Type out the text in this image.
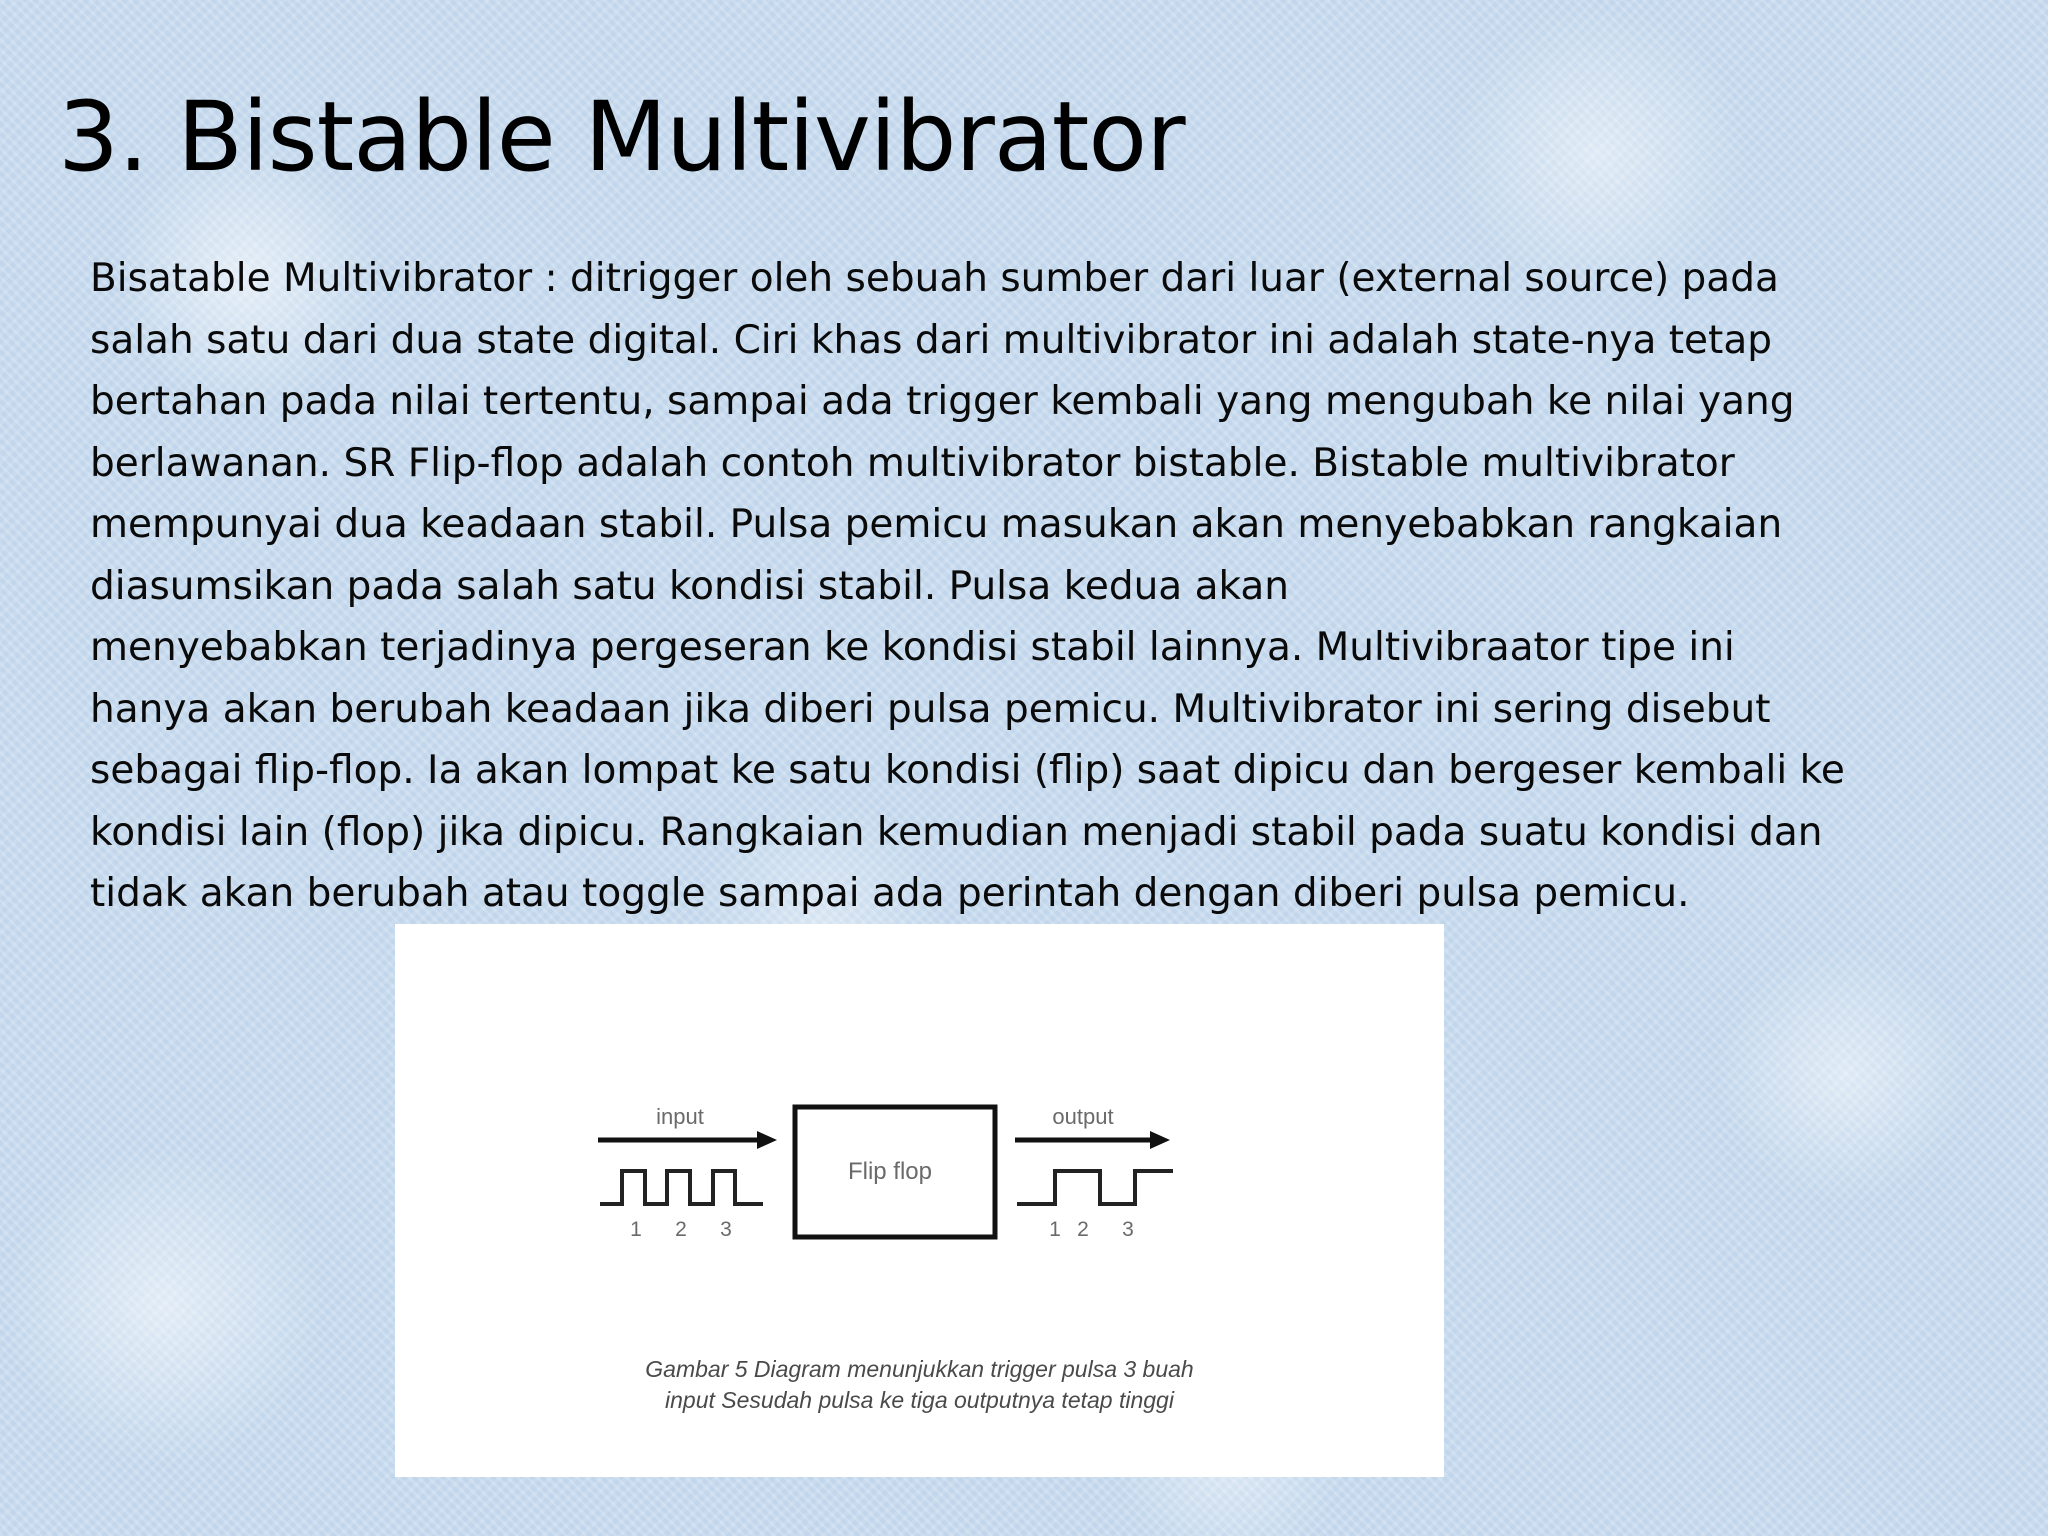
3. Bistable Multivibrator
Bisatable Multivibrator : ditrigger oleh sebuah sumber dari luar (external source) pada
salah satu dari dua state digital. Ciri khas dari multivibrator ini adalah state-nya tetap
bertahan pada nilai tertentu, sampai ada trigger kembali yang mengubah ke nilai yang
berlawanan. SR Flip-flop adalah contoh multivibrator bistable. Bistable multivibrator
mempunyai dua keadaan stabil. Pulsa pemicu masukan akan menyebabkan rangkaian
diasumsikan pada salah satu kondisi stabil. Pulsa kedua akan
menyebabkan terjadinya pergeseran ke kondisi stabil lainnya. Multivibraator tipe ini
hanya akan berubah keadaan jika diberi pulsa pemicu. Multivibrator ini sering disebut
sebagai flip-flop. Ia akan lompat ke satu kondisi (flip) saat dipicu dan bergeser kembali ke
kondisi lain (flop) jika dipicu. Rangkaian kemudian menjadi stabil pada suatu kondisi dan
tidak akan berubah atau toggle sampai ada perintah dengan diberi pulsa pemicu.
input
1 2 3
Flip flop
output
1 2 3
Gambar 5 Diagram menunjukkan trigger pulsa 3 buah
input Sesudah pulsa ke tiga outputnya tetap tinggi
